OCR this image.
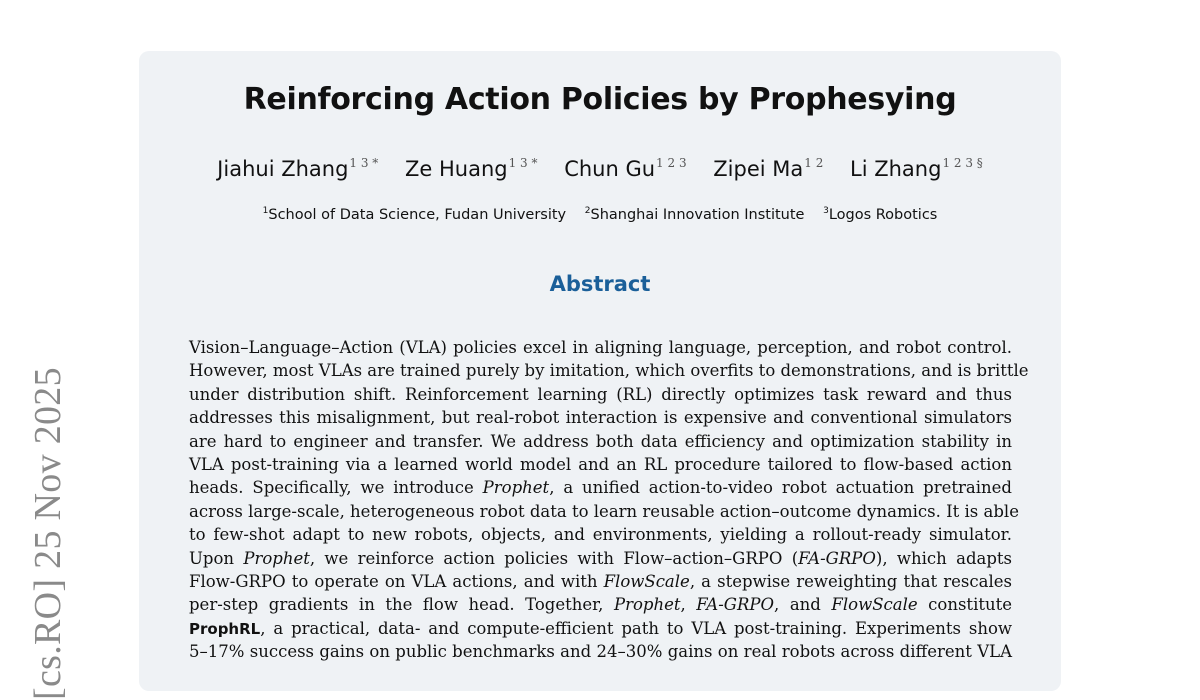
[cs.RO] 25 Nov 2025
Reinforcing Action Policies by Prophesying
Jiahui Zhang$^{1 3 *}$ Ze Huang$^{1 3 *}$ Chun $Gu^{1 2 3}$ Zipei $Ma^{1 2}$ Li Zhang$^{1 2 3 \S}$
$^1$School of Data Science, Fudan University $^2$Shanghai Innovation Institute $^3$Logos Robotics
Abstract
Vision–Language–Action (VLA) policies excel in aligning language, perception, and robot control.
However, most VLAs are trained purely by imitation, which overfits to demonstrations, and is brittle
under distribution shift. Reinforcement learning (RL) directly optimizes task reward and thus
addresses this misalignment, but real-robot interaction is expensive and conventional simulators
are hard to engineer and transfer. We address both data efficiency and optimization stability in
VLA post-training via a learned world model and an RL procedure tailored to flow-based action
heads. Specifically, we introduce Prophet, a unified action-to-video robot actuation pretrained
across large-scale, heterogeneous robot data to learn reusable action–outcome dynamics. It is able
to few-shot adapt to new robots, objects, and environments, yielding a rollout-ready simulator.
Upon Prophet, we reinforce action policies with Flow–action–GRPO (FA-GRPO), which adapts
Flow-GRPO to operate on VLA actions, and with FlowScale, a stepwise reweighting that rescales
per-step gradients in the flow head. Together, Prophet, FA-GRPO, and FlowScale constitute
ProphRL, a practical, data- and compute-efficient path to VLA post-training. Experiments show
5–17% success gains on public benchmarks and 24–30% gains on real robots across different VLA
